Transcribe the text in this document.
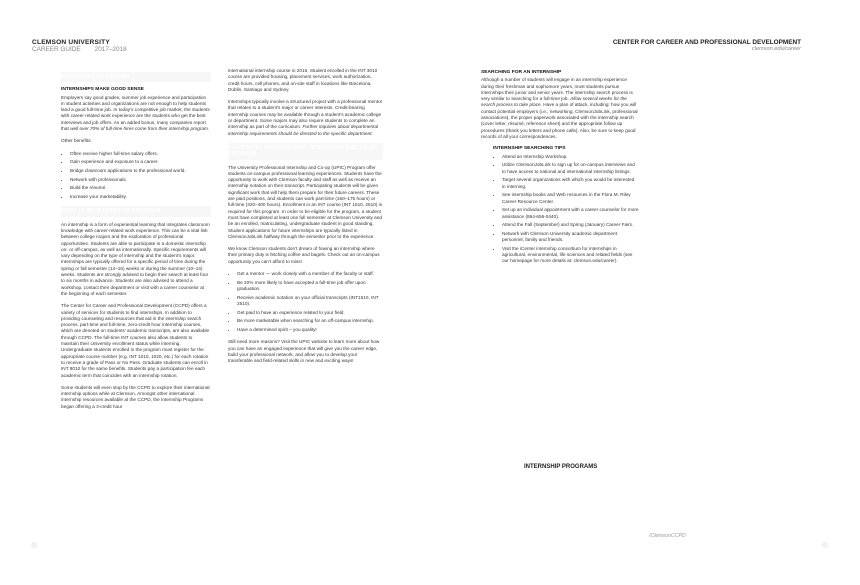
CLEMSON UNIVERSITY
CAREER GUIDE 2017–2018
CENTER FOR CAREER AND PROFESSIONAL DEVELOPMENT
clemson.edu/career
INTERNSHIP PROGRAMS
INTERNSHIPS MAKE GOOD SENSE

Employers say good grades, summer job experience and participation in student activities and organizations are not enough to help students land a good full-time job. In today’s competitive job market, the students with career related work experience are the students who get the best interviews and job offers. As an added bonus, many companies report that well over 70% of full-time hires come from their internship program.

Other benefits:

• Often receive higher full-time salary offers.
• Gain experience and exposure to a career.
• Bridge classroom applications to the professional world.
• Network with professionals.
• Build the résumé.
• Increase your marketability.
WHAT IS AN INTERNSHIP PROGRAM

An internship is a form of experiential learning that integrates classroom knowledge with career-related work experience. This can be a vital link between college majors and the exploration of professional opportunities. Students are able to participate in a domestic internship on- or off-campus, as well as internationally. Specific requirements will vary depending on the type of internship and the student’s major. Internships are typically offered for a specific period of time during the spring or fall semester (14–16) weeks or during the summer (10–14) weeks. Students are strongly advised to begin their search at least four to six months in advance. Students are also advised to attend a workshop, contact their department or visit with a career counselor at the beginning of each semester.

The Center for Career and Professional Development (CCPD) offers a variety of services for students to find internships. In addition to providing counseling and resources that aid in the internship search process, part-time and full-time, zero-credit hour internship courses, which are denoted on students’ academic transcripts, are also available through CCPD. The full-time INT courses also allow students to maintain their University enrollment status while interning. Undergraduate students enrolled in the program must register for the appropriate course number (e.g. INT 1010, 1020, etc.) for each rotation to receive a grade of Pass or No Pass. Graduate students can enroll in INT 8010 for the same benefits. Students pay a participation fee each academic term that coincides with an internship rotation.

Some students will even stop by the CCPD to explore their international internship options while at Clemson. Amongst other international internship resources available at the CCPD, the Internship Programs began offering a 3-credit hour

international internship course in 2016. Student enrolled in the INT 3010 course are provided housing, placement services, work authorization, credit hours, cell phones, and on-site staff in locations like Barcelona, Dublin, Santiago and Sydney.

Internships typically involve a structured project with a professional mentor that relates to a student’s major or career interests. Credit-bearing internship courses may be available through a student’s academic college or department. Some majors may also require students to complete an internship as part of the curriculum. Further inquiries about departmental internship requirements should be directed to the specific department.

UNIVERSITY PROFESSIONAL INTERNSHIP AND CO-OP PROGRAM

The University Professional Internship and Co-op (UPIC) Program offer students on-campus professional learning experiences. Students have the opportunity to work with Clemson faculty and staff as well as receive an internship notation on their transcript. Participating students will be given significant work that will help them prepare for their future careers. These are paid positions, and students can work part-time (160–175 hours) or full-time (320–400 hours). Enrollment in an INT course (INT 1510, 2510) is required for this program. In order to be eligible for the program, a student must have completed at least one full semester at Clemson University and be an enrolled, matriculating, undergraduate student in good standing. Student applications for future internships are typically listed in ClemsonJobLink halfway through the semester prior to the experience.

We know Clemson students don’t dream of having an internship where their primary duty is fetching coffee and bagels. Check out an on-campus opportunity you can’t afford to miss!

• Get a mentor — work closely with a member of the faculty or staff.
• Be 20% more likely to have accepted a full-time job offer upon graduation.
• Receive academic notation on your official transcripts (INT1510, INT 2510).
• Get paid to have an experience related to your field.
• Be more marketable when searching for an off-campus internship.
• Have a determined spirit – you quality!

Still need more reasons? Visit the UPIC website to learn more about how you can have an engaged experience that will give you the career edge, build your professional network, and allow you to develop your transferable and field-related skills in new and exciting ways!

SEARCHING FOR AN INTERNSHIP

Although a number of students will engage in an internship experience during their freshman and sophomore years, most students pursue internships their junior and senior years. The internship search process is very similar to searching for a full-time job. Allow several weeks for the search process to take place. Have a plan of attack, including: how you will contact potential employers (i.e.; networking, ClemsonJobLink, professional associations), the proper paperwork associated with the internship search (cover letter, résumé, reference sheet) and the appropriate follow up procedures (thank you letters and phone calls). Also, be sure to keep good records of all your correspondences.

INTERNSHIP SEARCHING TIPS
• Attend an Internship Workshop.
• Utilize ClemsonJobLink to sign up for on-campus interviews and to have access to national and international internship listings.
• Target several organizations with which you would be interested in interning.
• See internship books and Web resources in the Flora M. Riley Career Resource Center.
• Set up an individual appointment with a career counselor for more assistance (864-656-0440).
• Attend the Fall (September) and Spring (January) Career Fairs.
• Network with Clemson University academic department personnel, family and friends.
• Visit the iCenter internship consortium for internships in agricultural, environmental, life sciences and related fields (see our homepage for more details at: clemson.edu/career).
INTERNSHIP PROGRAMS
/ClemsonCCPD
